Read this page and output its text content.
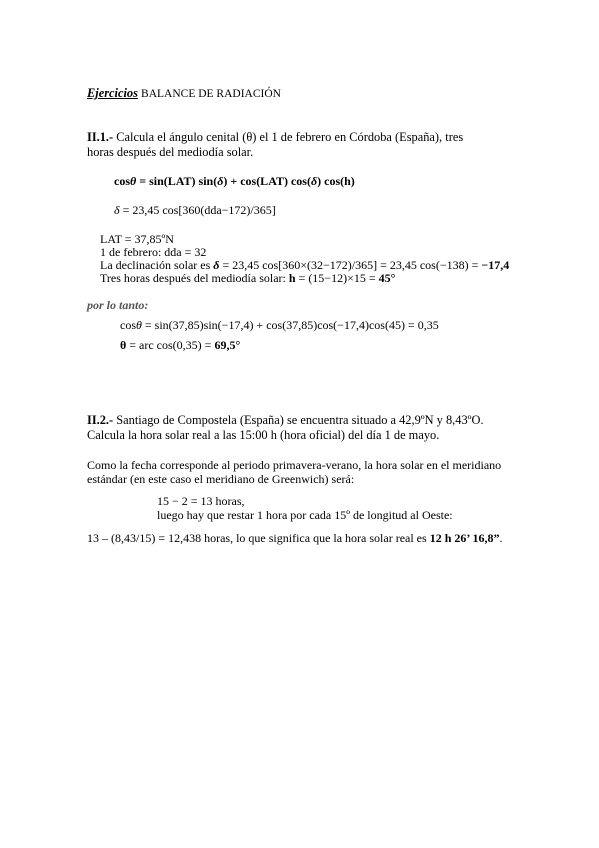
Ejercicios BALANCE DE RADIACIÓN
II.1.- Calcula el ángulo cenital (θ) el 1 de febrero en Córdoba (España), tres
horas después del mediodía solar.
cosθ = sin(LAT) sin(δ) + cos(LAT) cos(δ) cos(h)
δ = 23,45 cos[360(dda−172)/365]
LAT = 37,85ºN
1 de febrero: dda = 32
La declinación solar es δ = 23,45 cos[360×(32−172)/365] = 23,45 cos(−138) = −17,4
Tres horas después del mediodía solar: h = (15−12)×15 = 45°
por lo tanto:
cosθ = sin(37,85)sin(−17,4) + cos(37,85)cos(−17,4)cos(45) = 0,35
θ = arc cos(0,35) = 69,5°
II.2.- Santiago de Compostela (España) se encuentra situado a 42,9ºN y 8,43ºO.
Calcula la hora solar real a las 15:00 h (hora oficial) del día 1 de mayo.
Como la fecha corresponde al periodo primavera-verano, la hora solar en el meridiano
estándar (en este caso el meridiano de Greenwich) será:
15 − 2 = 13 horas,
luego hay que restar 1 hora por cada 15º de longitud al Oeste:
13 – (8,43/15) = 12,438 horas, lo que significa que la hora solar real es 12 h 26’ 16,8”.
